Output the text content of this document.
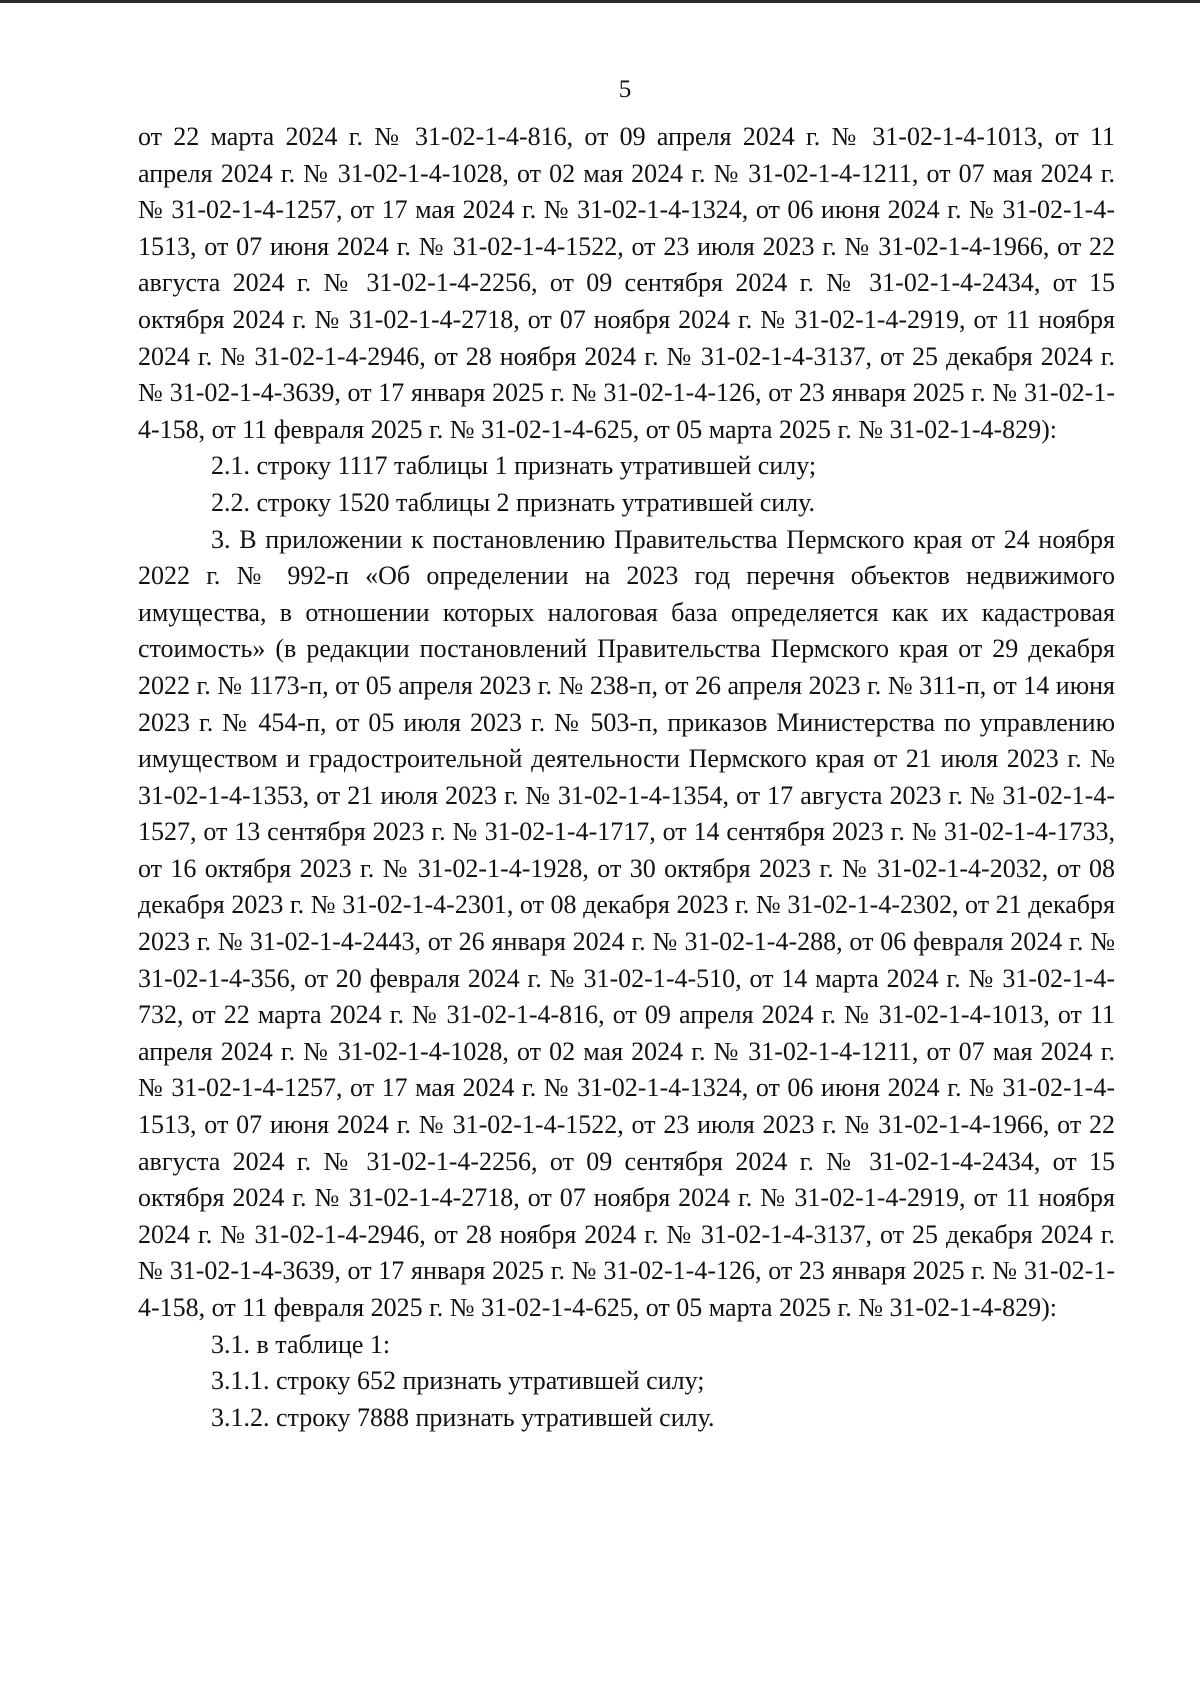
5

от 22 марта 2024 г. № 31-02-1-4-816, от 09 апреля 2024 г. № 31-02-1-4-1013, от 11 апреля 2024 г. № 31-02-1-4-1028, от 02 мая 2024 г. № 31-02-1-4-1211, от 07 мая 2024 г. № 31-02-1-4-1257, от 17 мая 2024 г. № 31-02-1-4-1324, от 06 июня 2024 г. № 31-02-1-4-1513, от 07 июня 2024 г. № 31-02-1-4-1522, от 23 июля 2023 г. № 31-02-1-4-1966, от 22 августа 2024 г. № 31-02-1-4-2256, от 09 сентября 2024 г. № 31-02-1-4-2434, от 15 октября 2024 г. № 31-02-1-4-2718, от 07 ноября 2024 г. № 31-02-1-4-2919, от 11 ноября 2024 г. № 31-02-1-4-2946, от 28 ноября 2024 г. № 31-02-1-4-3137, от 25 декабря 2024 г. № 31-02-1-4-3639, от 17 января 2025 г. № 31-02-1-4-126, от 23 января 2025 г. № 31-02-1-4-158, от 11 февраля 2025 г. № 31-02-1-4-625, от 05 марта 2025 г. № 31-02-1-4-829):

2.1. строку 1117 таблицы 1 признать утратившей силу;

2.2. строку 1520 таблицы 2 признать утратившей силу.

3. В приложении к постановлению Правительства Пермского края от 24 ноября 2022 г. № 992-п «Об определении на 2023 год перечня объектов недвижимого имущества, в отношении которых налоговая база определяется как их кадастровая стоимость» (в редакции постановлений Правительства Пермского края от 29 декабря 2022 г. № 1173-п, от 05 апреля 2023 г. № 238-п, от 26 апреля 2023 г. № 311-п, от 14 июня 2023 г. № 454-п, от 05 июля 2023 г. № 503-п, приказов Министерства по управлению имуществом и градостроительной деятельности Пермского края от 21 июля 2023 г. № 31-02-1-4-1353, от 21 июля 2023 г. № 31-02-1-4-1354, от 17 августа 2023 г. № 31-02-1-4-1527, от 13 сентября 2023 г. № 31-02-1-4-1717, от 14 сентября 2023 г. № 31-02-1-4-1733, от 16 октября 2023 г. № 31-02-1-4-1928, от 30 октября 2023 г. № 31-02-1-4-2032, от 08 декабря 2023 г. № 31-02-1-4-2301, от 08 декабря 2023 г. № 31-02-1-4-2302, от 21 декабря 2023 г. № 31-02-1-4-2443, от 26 января 2024 г. № 31-02-1-4-288, от 06 февраля 2024 г. № 31-02-1-4-356, от 20 февраля 2024 г. № 31-02-1-4-510, от 14 марта 2024 г. № 31-02-1-4-732, от 22 марта 2024 г. № 31-02-1-4-816, от 09 апреля 2024 г. № 31-02-1-4-1013, от 11 апреля 2024 г. № 31-02-1-4-1028, от 02 мая 2024 г. № 31-02-1-4-1211, от 07 мая 2024 г. № 31-02-1-4-1257, от 17 мая 2024 г. № 31-02-1-4-1324, от 06 июня 2024 г. № 31-02-1-4-1513, от 07 июня 2024 г. № 31-02-1-4-1522, от 23 июля 2023 г. № 31-02-1-4-1966, от 22 августа 2024 г. № 31-02-1-4-2256, от 09 сентября 2024 г. № 31-02-1-4-2434, от 15 октября 2024 г. № 31-02-1-4-2718, от 07 ноября 2024 г. № 31-02-1-4-2919, от 11 ноября 2024 г. № 31-02-1-4-2946, от 28 ноября 2024 г. № 31-02-1-4-3137, от 25 декабря 2024 г. № 31-02-1-4-3639, от 17 января 2025 г. № 31-02-1-4-126, от 23 января 2025 г. № 31-02-1-4-158, от 11 февраля 2025 г. № 31-02-1-4-625, от 05 марта 2025 г. № 31-02-1-4-829):

3.1. в таблице 1:

3.1.1. строку 652 признать утратившей силу;

3.1.2. строку 7888 признать утратившей силу.
